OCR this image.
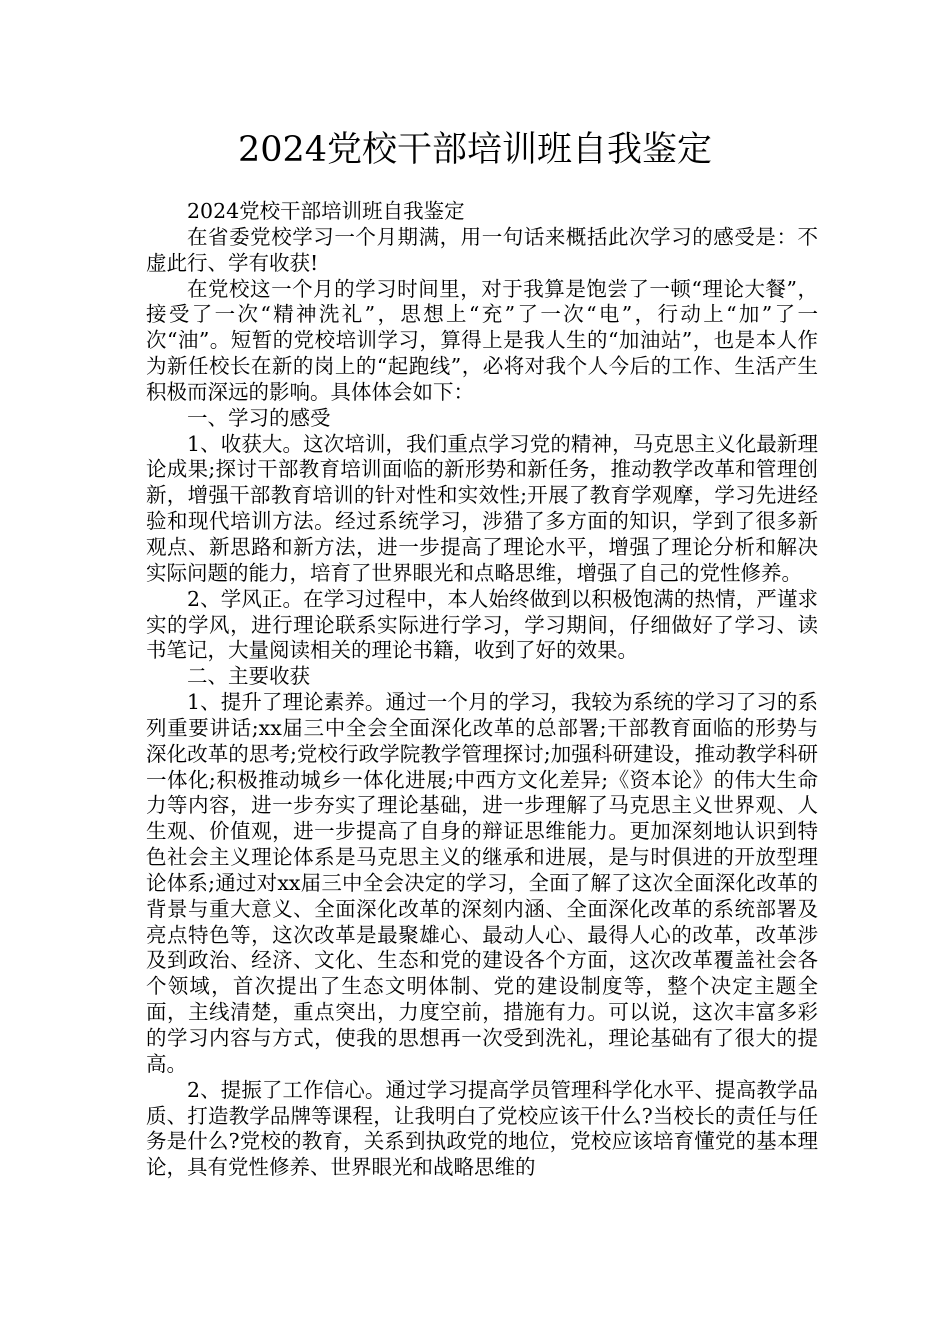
2024党校干部培训班自我鉴定

2024党校干部培训班自我鉴定

在省委党校学习一个月期满，用一句话来概括此次学习的感受是：不虚此行、学有收获!

在党校这一个月的学习时间里，对于我算是饱尝了一顿“理论大餐”，接受了一次“精神洗礼”，思想上“充”了一次“电”，行动上“加”了一次“油”。短暂的党校培训学习，算得上是我人生的“加油站”，也是本人作为新任校长在新的岗上的“起跑线”，必将对我个人今后的工作、生活产生积极而深远的影响。具体体会如下：

一、学习的感受

1、收获大。这次培训，我们重点学习党的精神，马克思主义化最新理论成果;探讨干部教育培训面临的新形势和新任务，推动教学改革和管理创新，增强干部教育培训的针对性和实效性;开展了教育学观摩，学习先进经验和现代培训方法。经过系统学习，涉猎了多方面的知识，学到了很多新观点、新思路和新方法，进一步提高了理论水平，增强了理论分析和解决实际问题的能力，培育了世界眼光和点略思维，增强了自己的党性修养。

2、学风正。在学习过程中，本人始终做到以积极饱满的热情，严谨求实的学风，进行理论联系实际进行学习，学习期间，仔细做好了学习、读书笔记，大量阅读相关的理论书籍，收到了好的效果。

二、主要收获

1、提升了理论素养。通过一个月的学习，我较为系统的学习了习的系列重要讲话;xx届三中全会全面深化改革的总部署;干部教育面临的形势与深化改革的思考;党校行政学院教学管理探讨;加强科研建设，推动教学科研一体化;积极推动城乡一体化进展;中西方文化差异;《资本论》的伟大生命力等内容，进一步夯实了理论基础，进一步理解了马克思主义世界观、人生观、价值观，进一步提高了自身的辩证思维能力。更加深刻地认识到特色社会主义理论体系是马克思主义的继承和进展，是与时俱进的开放型理论体系;通过对xx届三中全会决定的学习，全面了解了这次全面深化改革的背景与重大意义、全面深化改革的深刻内涵、全面深化改革的系统部署及亮点特色等，这次改革是最聚雄心、最动人心、最得人心的改革，改革涉及到政治、经济、文化、生态和党的建设各个方面，这次改革覆盖社会各个领域，首次提出了生态文明体制、党的建设制度等，整个决定主题全面，主线清楚，重点突出，力度空前，措施有力。可以说，这次丰富多彩的学习内容与方式，使我的思想再一次受到洗礼，理论基础有了很大的提高。

2、提振了工作信心。通过学习提高学员管理科学化水平、提高教学品质、打造教学品牌等课程，让我明白了党校应该干什么?当校长的责任与任务是什么?党校的教育，关系到执政党的地位，党校应该培育懂党的基本理论，具有党性修养、世界眼光和战略思维的
